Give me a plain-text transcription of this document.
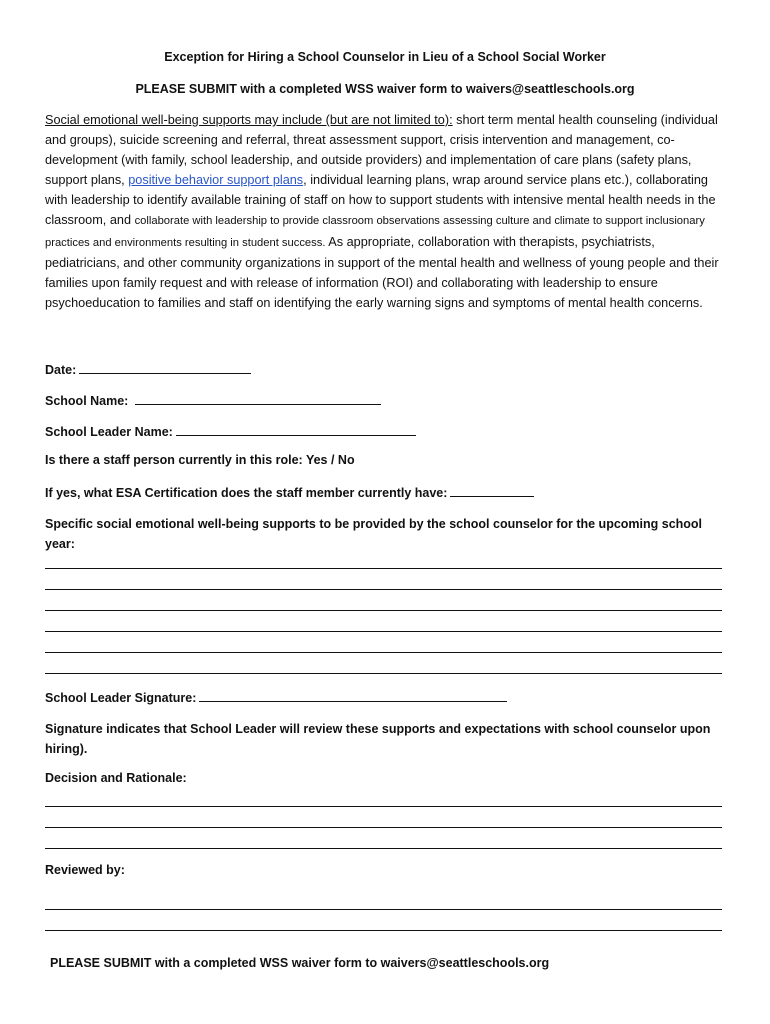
Exception for Hiring a School Counselor in Lieu of a School Social Worker
PLEASE SUBMIT with a completed WSS waiver form to waivers@seattleschools.org
Social emotional well-being supports may include (but are not limited to): short term mental health counseling (individual and groups), suicide screening and referral, threat assessment support, crisis intervention and management, co-development (with family, school leadership, and outside providers) and implementation of care plans (safety plans, support plans, positive behavior support plans, individual learning plans, wrap around service plans etc.), collaborating with leadership to identify available training of staff on how to support students with intensive mental health needs in the classroom, and collaborate with leadership to provide classroom observations assessing culture and climate to support inclusionary practices and environments resulting in student success. As appropriate, collaboration with therapists, psychiatrists, pediatricians, and other community organizations in support of the mental health and wellness of young people and their families upon family request and with release of information (ROI) and collaborating with leadership to ensure psychoeducation to families and staff on identifying the early warning signs and symptoms of mental health concerns.
Date:
School Name:
School Leader Name:
Is there a staff person currently in this role: Yes / No
If yes, what ESA Certification does the staff member currently have:
Specific social emotional well-being supports to be provided by the school counselor for the upcoming school year:
School Leader Signature:
Signature indicates that School Leader will review these supports and expectations with school counselor upon hiring).
Decision and Rationale:
Reviewed by:
PLEASE SUBMIT with a completed WSS waiver form to waivers@seattleschools.org
